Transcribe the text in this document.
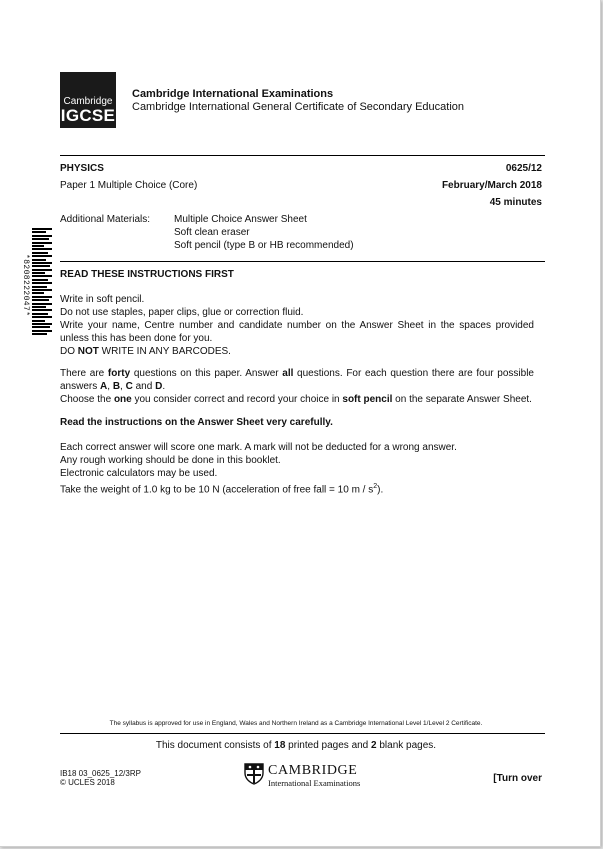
Cambridge
IGCSE
Cambridge International Examinations
Cambridge International General Certificate of Secondary Education
PHYSICS	0625/12
Paper 1 Multiple Choice (Core)	February/March 2018
45 minutes
Additional Materials: Multiple Choice Answer Sheet
Soft clean eraser
Soft pencil (type B or HB recommended)
*8208222047*	READ THESE INSTRUCTIONS FIRST

Write in soft pencil.

Do not use staples, paper clips, glue or correction fluid.

Write your name, Centre number and candidate number on the Answer Sheet in the spaces provided

unless this has been done for you.

DO NOT WRITE IN ANY BARCODES.

There are forty questions on this paper. Answer all questions. For each question there are four possible

answers A, B, C and D.

Choose the one you consider correct and record your choice in soft pencil on the separate Answer Sheet.

Read the instructions on the Answer Sheet very carefully.

Each correct answer will score one mark. A mark will not be deducted for a wrong answer.

Any rough working should be done in this booklet.

Electronic calculators may be used.

Take the weight of 1.0 kg to be 10 N (acceleration of free fall = 10 m / $s^2$).

The syllabus is approved for use in England, Wales and Northern Ireland as a Cambridge International Level 1/Level 2 Certificate.
This document consists of 18 printed pages and 2 blank pages.
IB18 03_0625_12/3RP
© UCLES 2018
CAMBRIDGE
International Examinations	[Turn over
